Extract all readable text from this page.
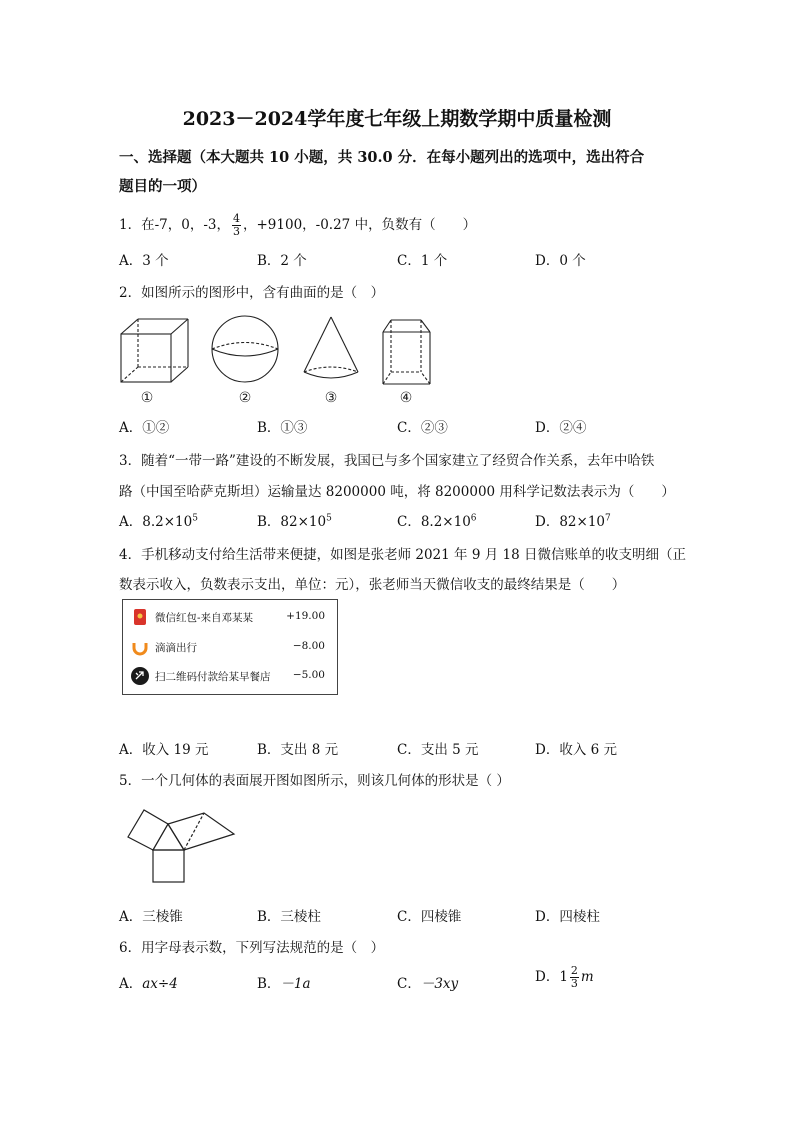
2023－2024学年度七年级上期数学期中质量检测
一、选择题（本大题共 10 小题，共 30.0 分．在每小题列出的选项中，选出符合
题目的一项）
1．在-7，0，-3， $\frac{4}{3}$ ，+9100，-0.27 中，负数有（　　）
A．3 个	B．2 个	C．1 个	D．0 个
2．如图所示的图形中，含有曲面的是（　）
①	②	③	④
A．①②	B．①③	C．②③	D．②④
3．随着“一带一路”建设的不断发展，我国已与多个国家建立了经贸合作关系，去年中哈铁
路（中国至哈萨克斯坦）运输量达 8200000 吨，将 8200000 用科学记数法表示为（　　）
A．$8.2\times 10^5$	B．$82\times 10^5$	C．$8.2\times 10^6$	D．$82\times 10^7$
4．手机移动支付给生活带来便捷，如图是张老师 2021 年 9 月 18 日微信账单的收支明细（正
数表示收入，负数表示支出，单位：元），张老师当天微信收支的最终结果是（　　）
微信红包-来自邓某某	+19.00
滴滴出行	−8.00
扫二维码付款给某早餐店 −5.00
A．收入 19 元	B．支出 8 元	C．支出 5 元	D．收入 6 元
5．一个几何体的表面展开图如图所示，则该几何体的形状是（ ）
A．三棱锥	B．三棱柱	C．四棱锥	D．四棱柱
6．用字母表示数，下列写法规范的是（　）
A．ax÷4	B．－1a	C．－3xy	D．$1 \frac{2}{3}$ m
